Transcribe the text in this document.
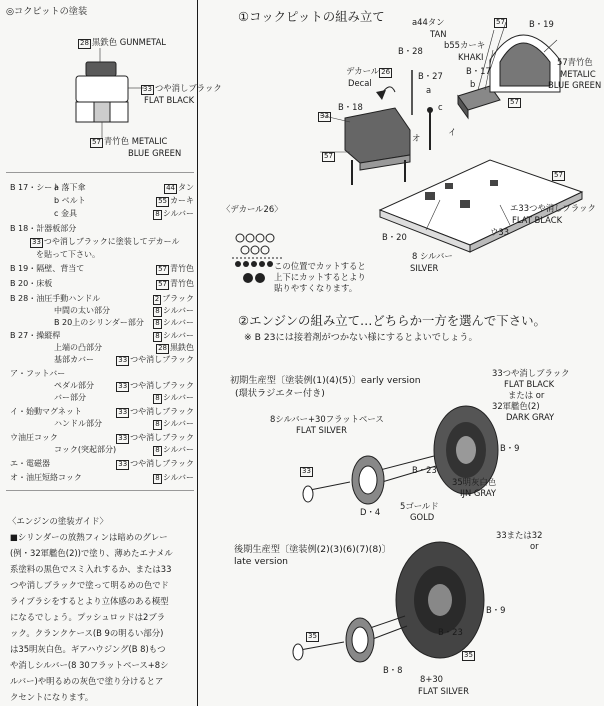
◎コクピットの塗装
28 黒鉄色 GUNMETAL
33 つや消しブラック
FLAT BLACK
57 青竹色 METALIC
BLUE GREEN
B 17・シート
a 落下傘	44 タン
b ベルト	55 カーキ
c 金具	8 シルバー
B 18・計器板部分
33 つや消しブラックに塗装してデカール
を貼って下さい。
B 19・隔壁、背当て	57 青竹色
B 20・床板	57 青竹色
B 28・油圧手動ハンドル	2 ブラック
中間の太い部分	8 シルバー
B 20上のシリンダー部分 8 シルバー
B 27・操縦桿	8 シルバー
上端の凸部分	28 黒鉄色
基部カバー	33 つや消しブラック
ア・フットバー
ペダル部分	33 つや消しブラック
バー部分	8 シルバー
イ・始動マグネット	33 つや消しブラック
ハンドル部分	8 シルバー
ウ油圧コック	33 つや消しブラック
コック(突起部分)	8 シルバー
エ・電磁器	33 つや消しブラック
オ・油圧短絡コック	8 シルバー
〈エンジンの塗装ガイド〉
■シリンダーの放熱フィンは暗めのグレー
(例・32軍艦色(2))で塗り、薄めたエナメル
系塗料の黒色でスミ入れするか、または33
つや消しブラックで塗って明るめの色でド
ライブラシをするとより立体感のある模型
になるでしょう。プッシュロッドは2ブラ
ック。クランクケース(B 9の明るい部分)
は35明灰白色。ギアハウジング(B 8)もつ
や消しシルバー(8 30フラットベース+8シ
ルバー)や明るめの灰色で塗り分けるとア
クセントになります。
①コックピットの組み立て	a44タン
TAN
b55カーキ
KHAKI
B・17
b
B・19
57
57青竹色
METALIC
BLUE GREEN
57
B・28
デカール 26
Decal
B・27
a
c
B・18
33
57
イ
オ
57
エ33つや消しブラック
FLAT BLACK
ウ33
B・20
8 シルバー
SILVER
〈デカール26〉
この位置でカットすると
上下にカットするとより
貼りやすくなります。
②エンジンの組み立て…どちらか一方を選んで下さい。
※ B 23には接着剤がつかない様にするとよいでしょう。
初期生産型〔塗装例(1)(4)(5)〕early version
(環状ラジエター付き)
33つや消しブラック
FLAT BLACK
または or
32軍艦色(2)
DARK GRAY
8シルバー+30フラットベース
FLAT SILVER
B・9
33	B・23
35明灰白色
IJN GRAY
5ゴールド
GOLD
D・4
後期生産型〔塗装例(2)(3)(6)(7)(8)〕
late version
33または32
or
B・9
B・23
35
35
B・8
8+30
FLAT SILVER
